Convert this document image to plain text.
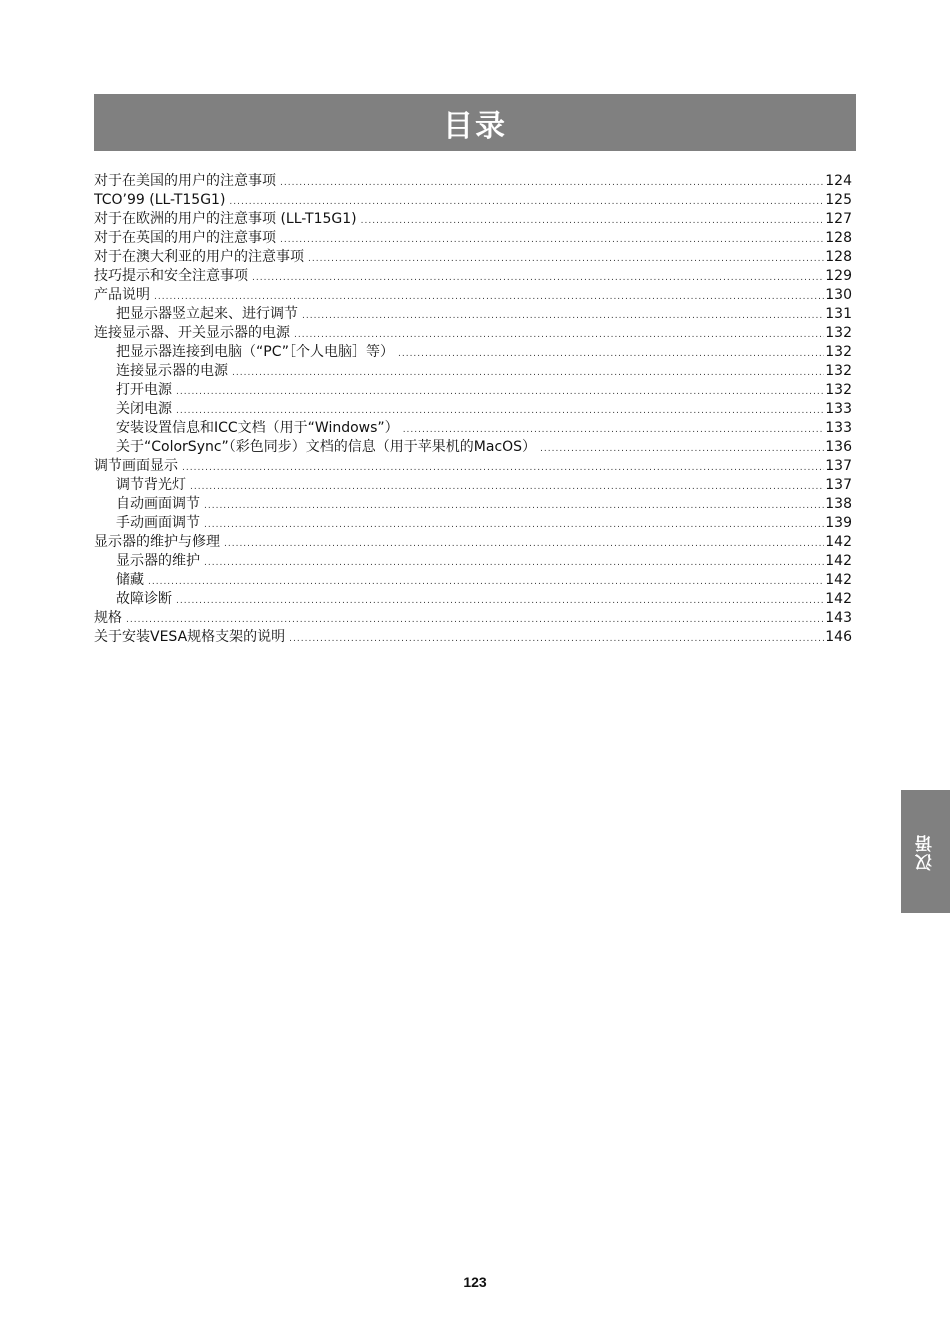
目录
对于在美国的用户的注意事项 .....	124
TCO’99 (LL-T15G1) .....	125
对于在欧洲的用户的注意事项 (LL-T15G1) .....	127
对于在英国的用户的注意事项 .....	128
对于在澳大利亚的用户的注意事项 .....	128
技巧提示和安全注意事项 .....	129
产品说明 .....	130
把显示器竖立起来、进行调节 .....	131
连接显示器、开关显示器的电源 .....	132
把显示器连接到电脑（“PC”［个人电脑］等） .....	132
连接显示器的电源 .....	132
打开电源 .....	132
关闭电源 .....	133
安装设置信息和ICC文档（用于“Windows”） .....	133
关于“ColorSync”（彩色同步）文档的信息（用于苹果机的MacOS） .....	136
调节画面显示 .....	137
调节背光灯 .....	137
自动画面调节 .....	138
手动画面调节 .....	139
显示器的维护与修理 .....	142
显示器的维护 .....	142
储藏 .....	142
故障诊断 .....	142
规格 .....	143
关于安装VESA规格支架的说明 .....	146
汉语
123
